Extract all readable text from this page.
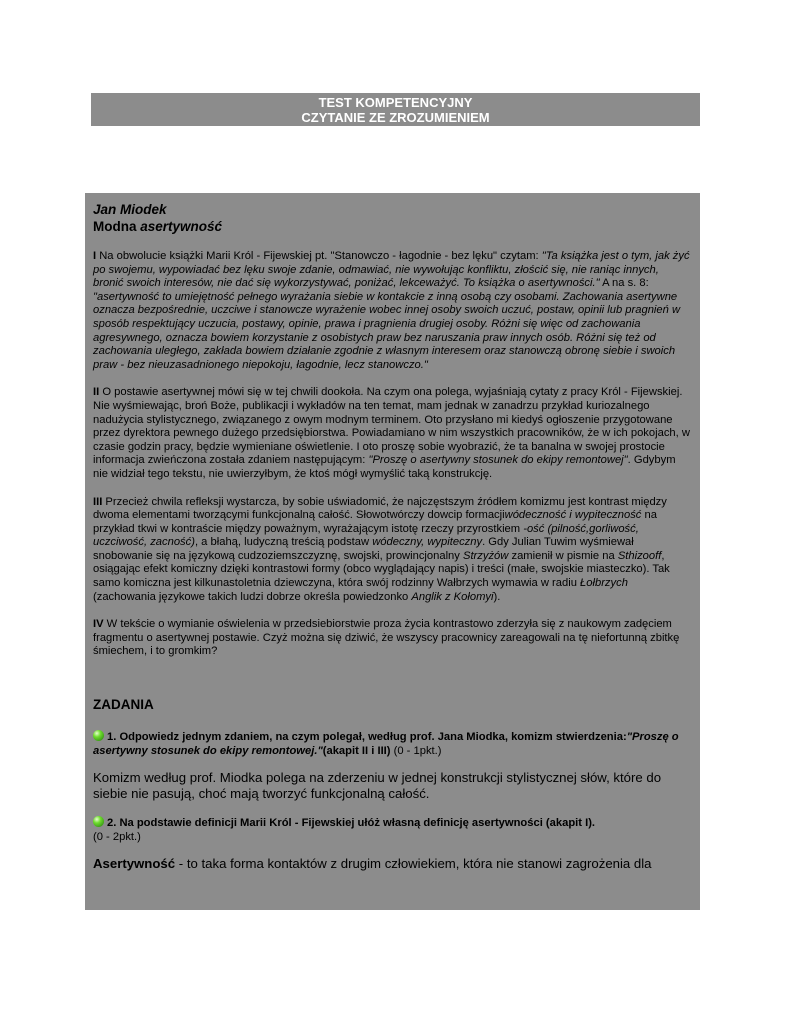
TEST KOMPETENCYJNY
CZYTANIE ZE ZROZUMIENIEM
Jan Miodek
Modna asertywność

I Na obwolucie książki Marii Król - Fijewskiej pt. "Stanowczo - łagodnie - bez lęku" czytam: "Ta książka jest o tym, jak żyć po swojemu, wypowiadać bez lęku swoje zdanie, odmawiać, nie wywołując konfliktu, złościć się, nie raniąc innych, bronić swoich interesów, nie dać się wykorzystywać, poniżać, lekceważyć. To książka o asertywności." A na s. 8: "asertywność to umiejętność pełnego wyrażania siebie w kontakcie z inną osobą czy osobami. Zachowania asertywne oznacza bezpośrednie, uczciwe i stanowcze wyrażenie wobec innej osoby swoich uczuć, postaw, opinii lub pragnień w sposób respektujący uczucia, postawy, opinie, prawa i pragnienia drugiej osoby. Różni się więc od zachowania agresywnego, oznacza bowiem korzystanie z osobistych praw bez naruszania praw innych osób. Różni się też od zachowania uległego, zakłada bowiem działanie zgodnie z własnym interesem oraz stanowczą obronę siebie i swoich praw - bez nieuzasadnionego niepokoju, łagodnie, lecz stanowczo."

II O postawie asertywnej mówi się w tej chwili dookoła. Na czym ona polega, wyjaśniają cytaty z pracy Król - Fijewskiej. Nie wyśmiewając, broń Boże, publikacji i wykładów na ten temat, mam jednak w zanadrzu przykład kuriozalnego nadużycia stylistycznego, związanego z owym modnym terminem. Oto przysłano mi kiedyś ogłoszenie przygotowane przez dyrektora pewnego dużego przedsiębiorstwa. Powiadamiano w nim wszystkich pracowników, że w ich pokojach, w czasie godzin pracy, będzie wymieniane oświetlenie. I oto proszę sobie wyobrazić, że ta banalna w swojej prostocie informacja zwieńczona została zdaniem następującym: "Proszę o asertywny stosunek do ekipy remontowej". Gdybym nie widział tego tekstu, nie uwierzyłbym, że ktoś mógł wymyślić taką konstrukcję.

III Przecież chwila refleksji wystarcza, by sobie uświadomić, że najczęstszym źródłem komizmu jest kontrast między dwoma elementami tworzącymi funkcjonalną całość. Słowotwórczy dowcip formacjiwódeczność i wypiteczność na przykład tkwi w kontraście między poważnym, wyrażającym istotę rzeczy przyrostkiem -ość (pilność,gorliwość, uczciwość, zacność), a błahą, ludyczną treścią podstaw wódeczny, wypiteczny. Gdy Julian Tuwim wyśmiewał snobowanie się na językową cudzoziemszczyznę, swojski, prowincjonalny Strzyżów zamienił w pismie na Sthizooff, osiągając efekt komiczny dzięki kontrastowi formy (obco wyglądający napis) i treści (małe, swojskie miasteczko). Tak samo komiczna jest kilkunastoletnia dziewczyna, która swój rodzinny Wałbrzych wymawia w radiu Łołbrzych (zachowania językowe takich ludzi dobrze określa powiedzonko Anglik z Kołomyi).

IV W tekście o wymianie oświelenia w przedsiebiorstwie proza życia kontrastowo zderzyła się z naukowym zadęciem fragmentu o asertywnej postawie. Czyż można się dziwić, że wszyscy pracownicy zareagowali na tę niefortunną zbitkę śmiechem, i to gromkim?

ZADANIA
1. Odpowiedz jednym zdaniem, na czym polegał, według prof. Jana Miodka, komizm stwierdzenia:"Proszę o asertywny stosunek do ekipy remontowej."(akapit II i III) (0 - 1pkt.)
Komizm według prof. Miodka polega na zderzeniu w jednej konstrukcji stylistycznej słów, które do siebie nie pasują, choć mają tworzyć funkcjonalną całość.
2. Na podstawie definicji Marii Król - Fijewskiej ułóż własną definicję asertywności (akapit I).
(0 - 2pkt.)
Asertywność - to taka forma kontaktów z drugim człowiekiem, która nie stanowi zagrożenia dla
